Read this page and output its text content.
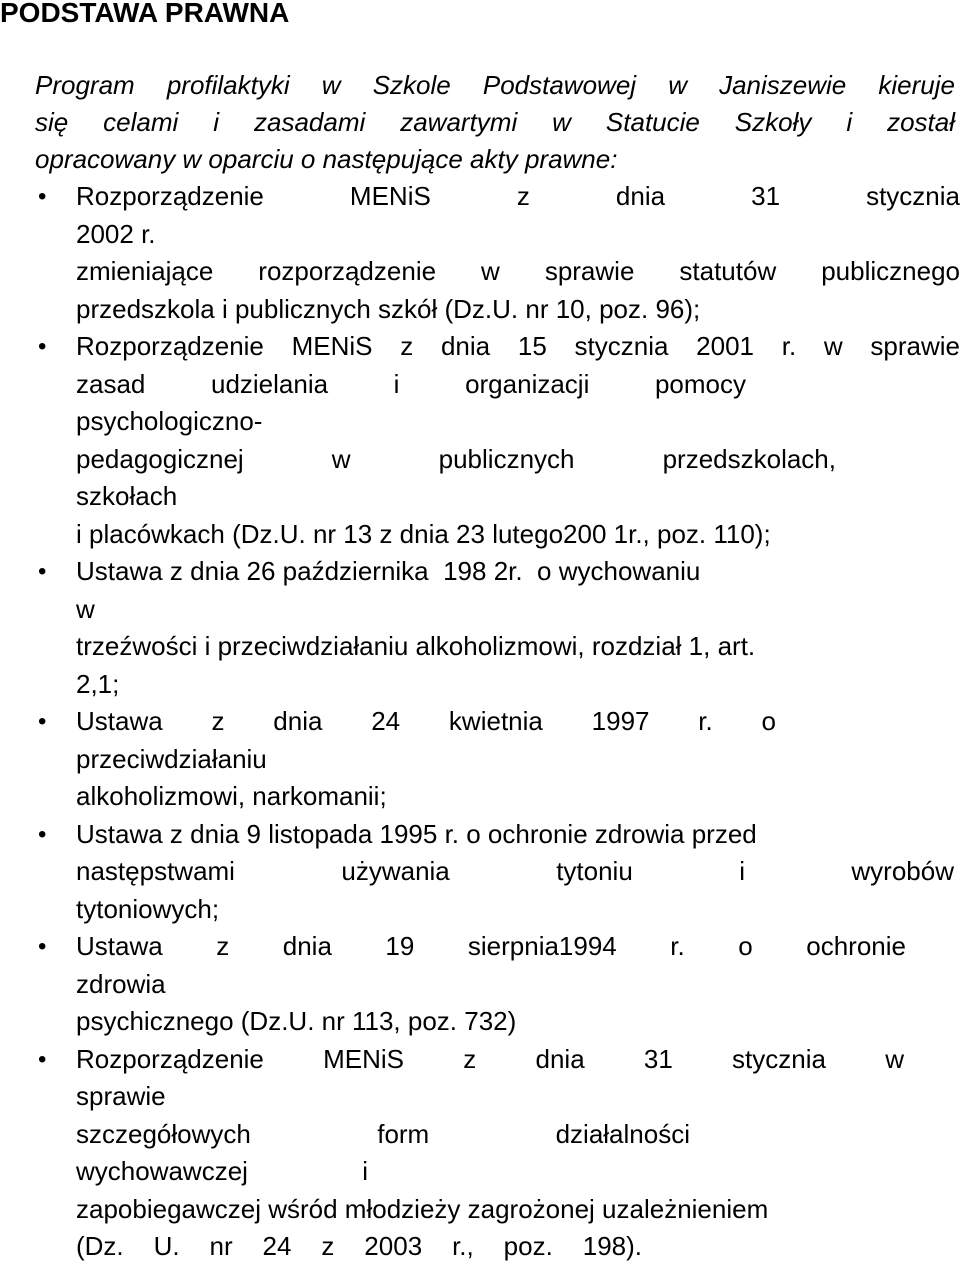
PODSTAWA PRAWNA
Program profilaktyki w Szkole Podstawowej w Janiszewie kieruje
się celami i zasadami zawartymi w Statucie Szkoły i został
opracowany w oparciu o następujące akty prawne:
• Rozporządzenie MENiS z dnia 31 stycznia
2002 r.
zmieniające rozporządzenie w sprawie statutów publicznego
przedszkola i publicznych szkół (Dz.U. nr 10, poz. 96);
• Rozporządzenie MENiS z dnia 15 stycznia 2001 r. w sprawie
zasad udzielania i organizacji pomocy
psychologiczno-
pedagogicznej w publicznych przedszkolach,
szkołach
i placówkach (Dz.U. nr 13 z dnia 23 lutego200 1r., poz. 110);
• Ustawa z dnia 26 października  198 2r.  o wychowaniu
w
trzeźwości i przeciwdziałaniu alkoholizmowi, rozdział 1, art.
2,1;
• Ustawa z dnia 24 kwietnia 1997 r. o
przeciwdziałaniu
alkoholizmowi, narkomanii;
• Ustawa z dnia 9 listopada 1995 r. o ochronie zdrowia przed
następstwami używania tytoniu i wyrobów
tytoniowych;
• Ustawa z dnia 19 sierpnia1994 r. o ochronie
zdrowia
psychicznego (Dz.U. nr 113, poz. 732)
• Rozporządzenie MENiS z dnia 31 stycznia w
sprawie
szczegółowych form działalności
wychowawczej i
zapobiegawczej wśród młodzieży zagrożonej uzależnieniem
(Dz. U. nr 24 z 2003 r., poz. 198).
